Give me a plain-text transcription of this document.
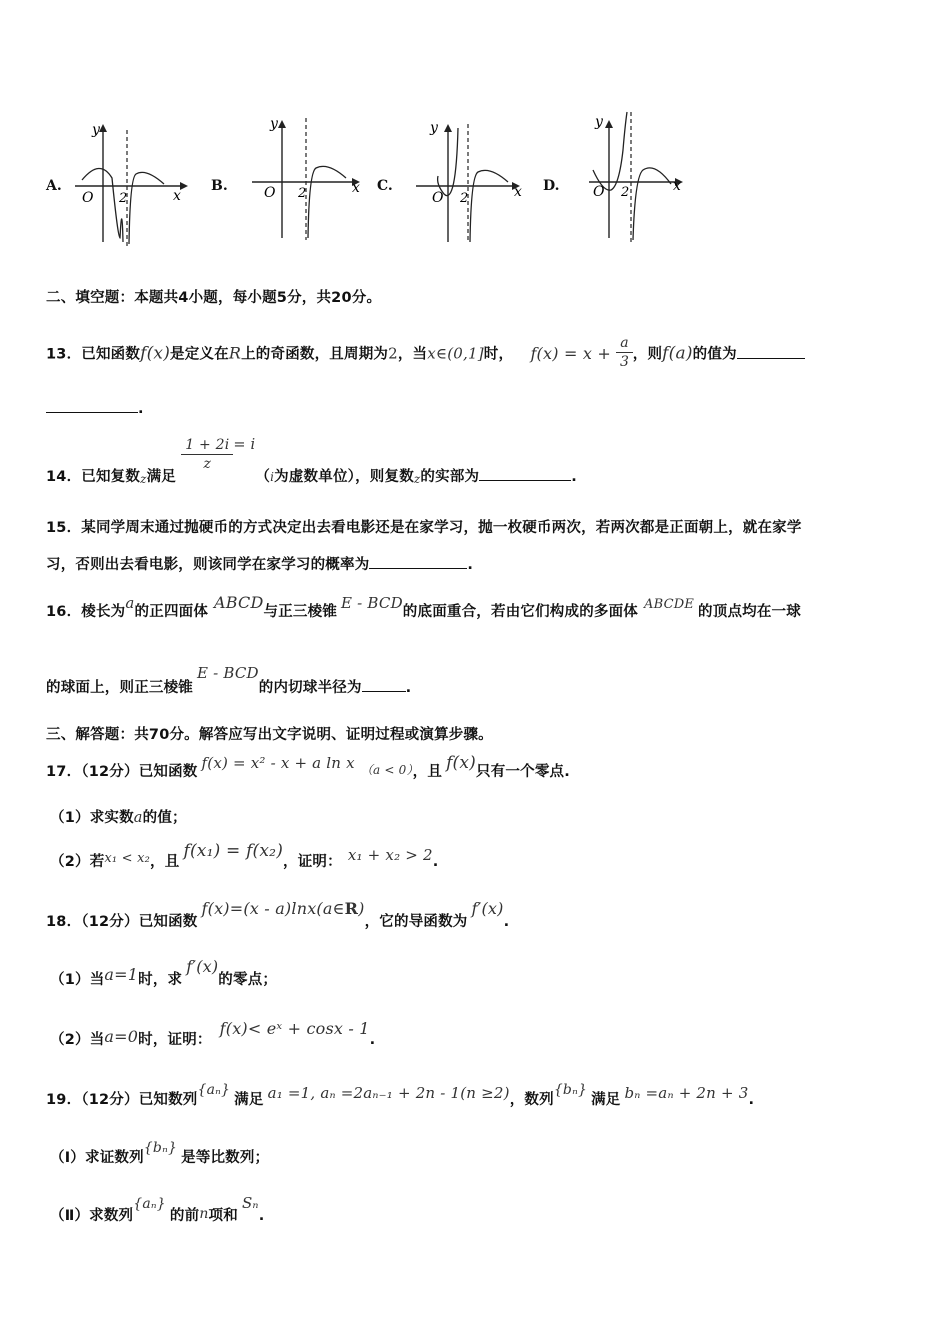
A.
O 2	x
y
B.	O 2	x
y
C.
O 2	x
y
D. O 2	x
y
二、填空题：本题共4小题，每小题5分，共20分。
13．已知函数f(x)是定义在R上的奇函数，且周期为2，当x∈(0,1]时， $f(x) = x + \frac{a}{3}$ ，则f(a)的值为
.
14．已知复数$_z$满足
$\frac{1 + 2i}{z} = i(_i$为虚数单位），则复数$_z$的实部为	.
15．某同学周末通过抛硬币的方式决定出去看电影还是在家学习，抛一枚硬币两次，若两次都是正面朝上，就在家学
习，否则出去看电影，则该同学在家学习的概率为	.
16．棱长为a的正四面体 ABCD与正三棱锥 E - BCD的底面重合，若由它们构成的多面体 ABCDE 的顶点均在一球
的球面上，则正三棱锥E - BCD的内切球半径为	.
三、解答题：共70分。解答应写出文字说明、证明过程或演算步骤。
17．（12分）已知函数 f(x) = x² - x + a ln x $_{(a < 0)}$，且 f(x)只有一个零点.
（1）求实数a的值；
（2）若x₁ < x₂，且f(x₁) = f(x₂)，证明： x₁ + x₂ > 2.
18．（12分）已知函数f(x)=(x - a)lnx(a∈R)，它的导函数为f′(x).
（1）当a=1时，求f′(x)的零点；
（2）当a=0时，证明：f(x)< eˣ + cosx - 1.
19．（12分）已知数列{aₙ}满足 a₁ =1, aₙ =2aₙ₋₁ + 2n - 1(n ≥2)，数列{bₙ}满足 bₙ =aₙ + 2n + 3.
（Ⅰ）求证数列{bₙ}是等比数列；
（Ⅱ）求数列{aₙ}的前n项和Sₙ.
